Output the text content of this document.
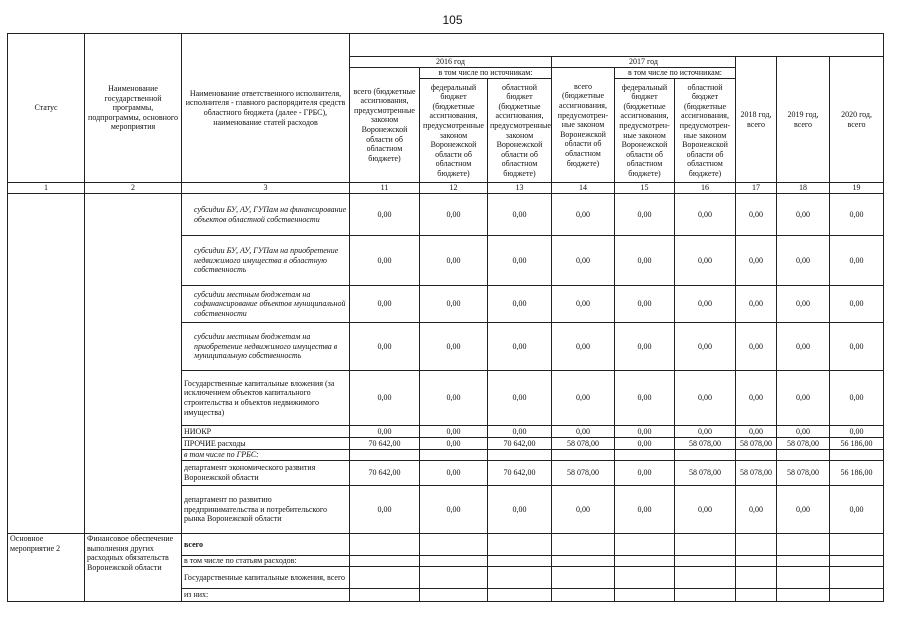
105
Статус	Наименование государственной программы, подпрограммы, основного мероприятия	Наименование ответственного исполнителя, исполнителя - главного распорядителя средств областного бюджета (далее - ГРБС), наименование статей расходов									
			2016 год			2017 год			2018 год, всего	2019 год, всего	2020 год, всего
			всего (бюджетные ассигнования, предусмотренные законом Воронежской области об областном бюджете)	в том числе по источникам:		всего (бюджетные ассигнования, предусмотрен-ные законом Воронежской области об областном бюджете)	в том числе по источникам:				
				федеральный бюджет (бюджетные ассигнования, предусмотренные законом Воронежской области об областном бюджете)	областной бюджет (бюджетные ассигнования, предусмотренные законом Воронежской области об областном бюджете)		федеральный бюджет (бюджетные ассигнования, предусмотрен-ные законом Воронежской области об областном бюджете)	областной бюджет (бюджетные ассигнования, предусмотрен-ные законом Воронежской области об областном бюджете)			
1	2	3	11	12	13	14	15	16	17	18	19
		субсидии БУ, АУ, ГУПам на финансирование объектов областной собственности	0,00	0,00	0,00	0,00	0,00	0,00	0,00	0,00	0,00
		субсидии БУ, АУ, ГУПам на приобретение недвижимого имущества в областную собственность	0,00	0,00	0,00	0,00	0,00	0,00	0,00	0,00	0,00
		субсидии местным бюджетам на софинансирование объектов муниципальной собственности	0,00	0,00	0,00	0,00	0,00	0,00	0,00	0,00	0,00
		субсидии местным бюджетам на приобретение недвижимого имущества в муниципальную собственность	0,00	0,00	0,00	0,00	0,00	0,00	0,00	0,00	0,00
		Государственные капитальные вложения (за исключением объектов капитального строительства и объектов недвижимого имущества)	0,00	0,00	0,00	0,00	0,00	0,00	0,00	0,00	0,00
		НИОКР	0,00	0,00	0,00	0,00	0,00	0,00	0,00	0,00	0,00
		ПРОЧИЕ расходы	70 642,00	0,00	70 642,00	58 078,00	0,00	58 078,00	58 078,00	58 078,00	56 186,00
		в том числе по ГРБС:									
		департамент экономического развития Воронежской области	70 642,00	0,00	70 642,00	58 078,00	0,00	58 078,00	58 078,00	58 078,00	56 186,00
		департамент по развитию предпринимательства и потребительского рынка Воронежской области	0,00	0,00	0,00	0,00	0,00	0,00	0,00	0,00	0,00
Основное мероприятие 2	Финансовое обеспечение выполнения других расходных обязательств Воронежской области	всего									
		в том числе по статьям расходов:									
		Государственные капитальные вложения, всего									
		из них:									
